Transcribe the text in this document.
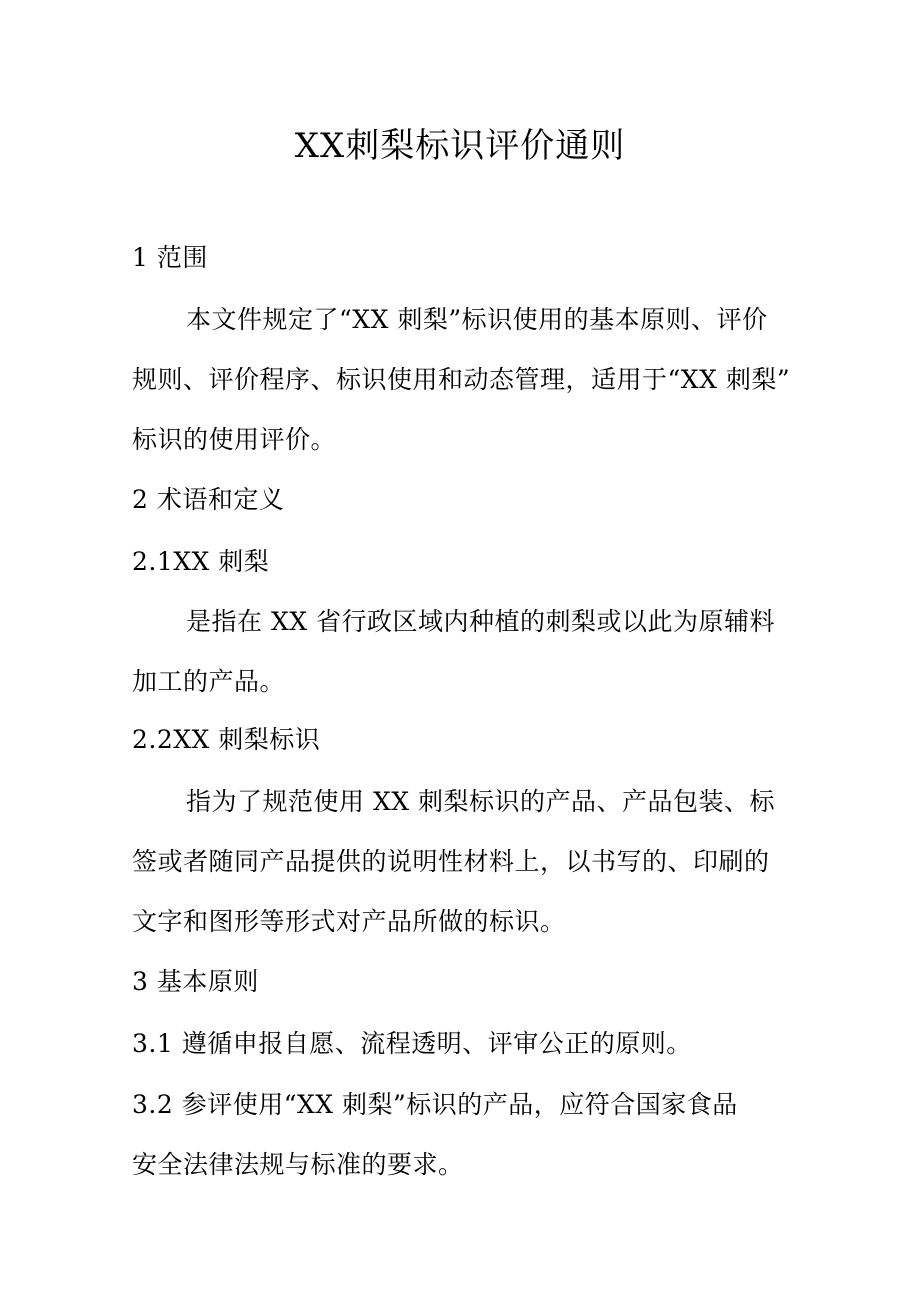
XX刺梨标识评价通则
1 范围
本文件规定了“XX 刺梨”标识使用的基本原则、评价
规则、评价程序、标识使用和动态管理，适用于“XX 刺梨”
标识的使用评价。
2 术语和定义
2.1XX 刺梨
是指在 XX 省行政区域内种植的刺梨或以此为原辅料
加工的产品。
2.2XX 刺梨标识
指为了规范使用 XX 刺梨标识的产品、产品包装、标
签或者随同产品提供的说明性材料上，以书写的、印刷的
文字和图形等形式对产品所做的标识。
3 基本原则
3.1 遵循申报自愿、流程透明、评审公正的原则。
3.2 参评使用“XX 刺梨”标识的产品，应符合国家食品
安全法律法规与标准的要求。
